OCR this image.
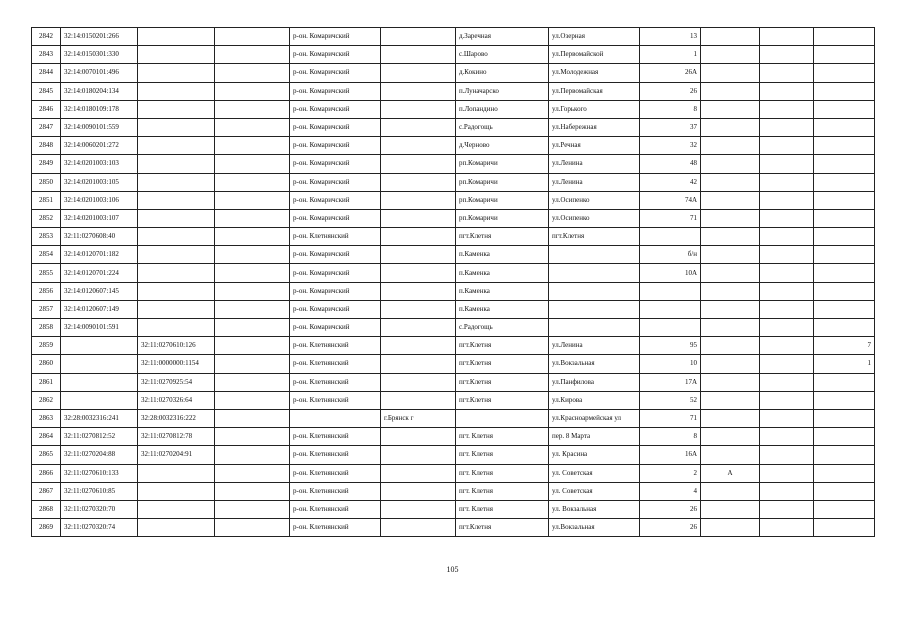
2842	32:14:0150201:266			р-он. Комаричский		д.Заречная	ул.Озерная	13			
2843	32:14:0150301:330			р-он. Комаричский		с.Шарово	ул.Первомайской	1			
2844	32:14:0070101:496			р-он. Комаричский		д.Кокино	ул.Молодежная	26А			
2845	32:14:0180204:134			р-он. Комаричский		п.Луначарско	ул.Первомайская	26			
2846	32:14:0180109:178			р-он. Комаричский		п.Лопандино	ул.Горького	8			
2847	32:14:0090101:559			р-он. Комаричский		с.Радогощь	ул.Набережная	37			
2848	32:14:0060201:272			р-он. Комаричский		д.Черново	ул.Речная	32			
2849	32:14:0201003:103			р-он. Комаричский		рп.Комаричи	ул.Ленина	48			
2850	32:14:0201003:105			р-он. Комаричский		рп.Комаричи	ул.Ленина	42			
2851	32:14:0201003:106			р-он. Комаричский		рп.Комаричи	ул.Осипенко	74А			
2852	32:14:0201003:107			р-он. Комаричский		рп.Комаричи	ул.Осипенко	71			
2853	32:11:0270608:40			р-он. Клетнянский		пгт.Клетня	пгт.Клетня				
2854	32:14:0120701:182			р-он. Комаричский		п.Каменка		б/н			
2855	32:14:0120701:224			р-он. Комаричский		п.Каменка		10А			
2856	32:14:0120607:145			р-он. Комаричский		п.Каменка					
2857	32:14:0120607:149			р-он. Комаричский		п.Каменка					
2858	32:14:0090101:591			р-он. Комаричский		с.Радогощь					
2859		32:11:0270610:126		р-он. Клетнянский		пгт.Клетня	ул.Ленина	95			7
2860		32:11:0000000:1154		р-он. Клетнянский		пгт.Клетня	ул.Вокзальная	10			1
2861		32:11:0270925:54		р-он. Клетнянский		пгт.Клетня	ул.Панфилова	17А			
2862		32:11:0270326:64		р-он. Клетнянский		пгт.Клетня	ул.Кирова	52			
2863	32:28:0032316:241	32:28:0032316:222			г.Брянск г		ул.Красноармейская ул	71			
2864	32:11:0270812:52	32:11:0270812:78		р-он. Клетнянский		пгт. Клетня	пер. 8 Марта	8			
2865	32:11:0270204:88	32:11:0270204:91		р-он. Клетнянский		пгт. Клетня	ул. Красина	16А			
2866	32:11:0270610:133			р-он. Клетнянский		пгт. Клетня	ул. Советская	2	А		
2867	32:11:0270610:85			р-он. Клетнянский		пгт. Клетня	ул. Советская	4			
2868	32:11:0270320:70			р-он. Клетнянский		пгт. Клетня	ул. Вокзальная	26			
2869	32:11:0270320:74			р-он. Клетнянский		пгт.Клетня	ул.Вокзальная	26			
105
